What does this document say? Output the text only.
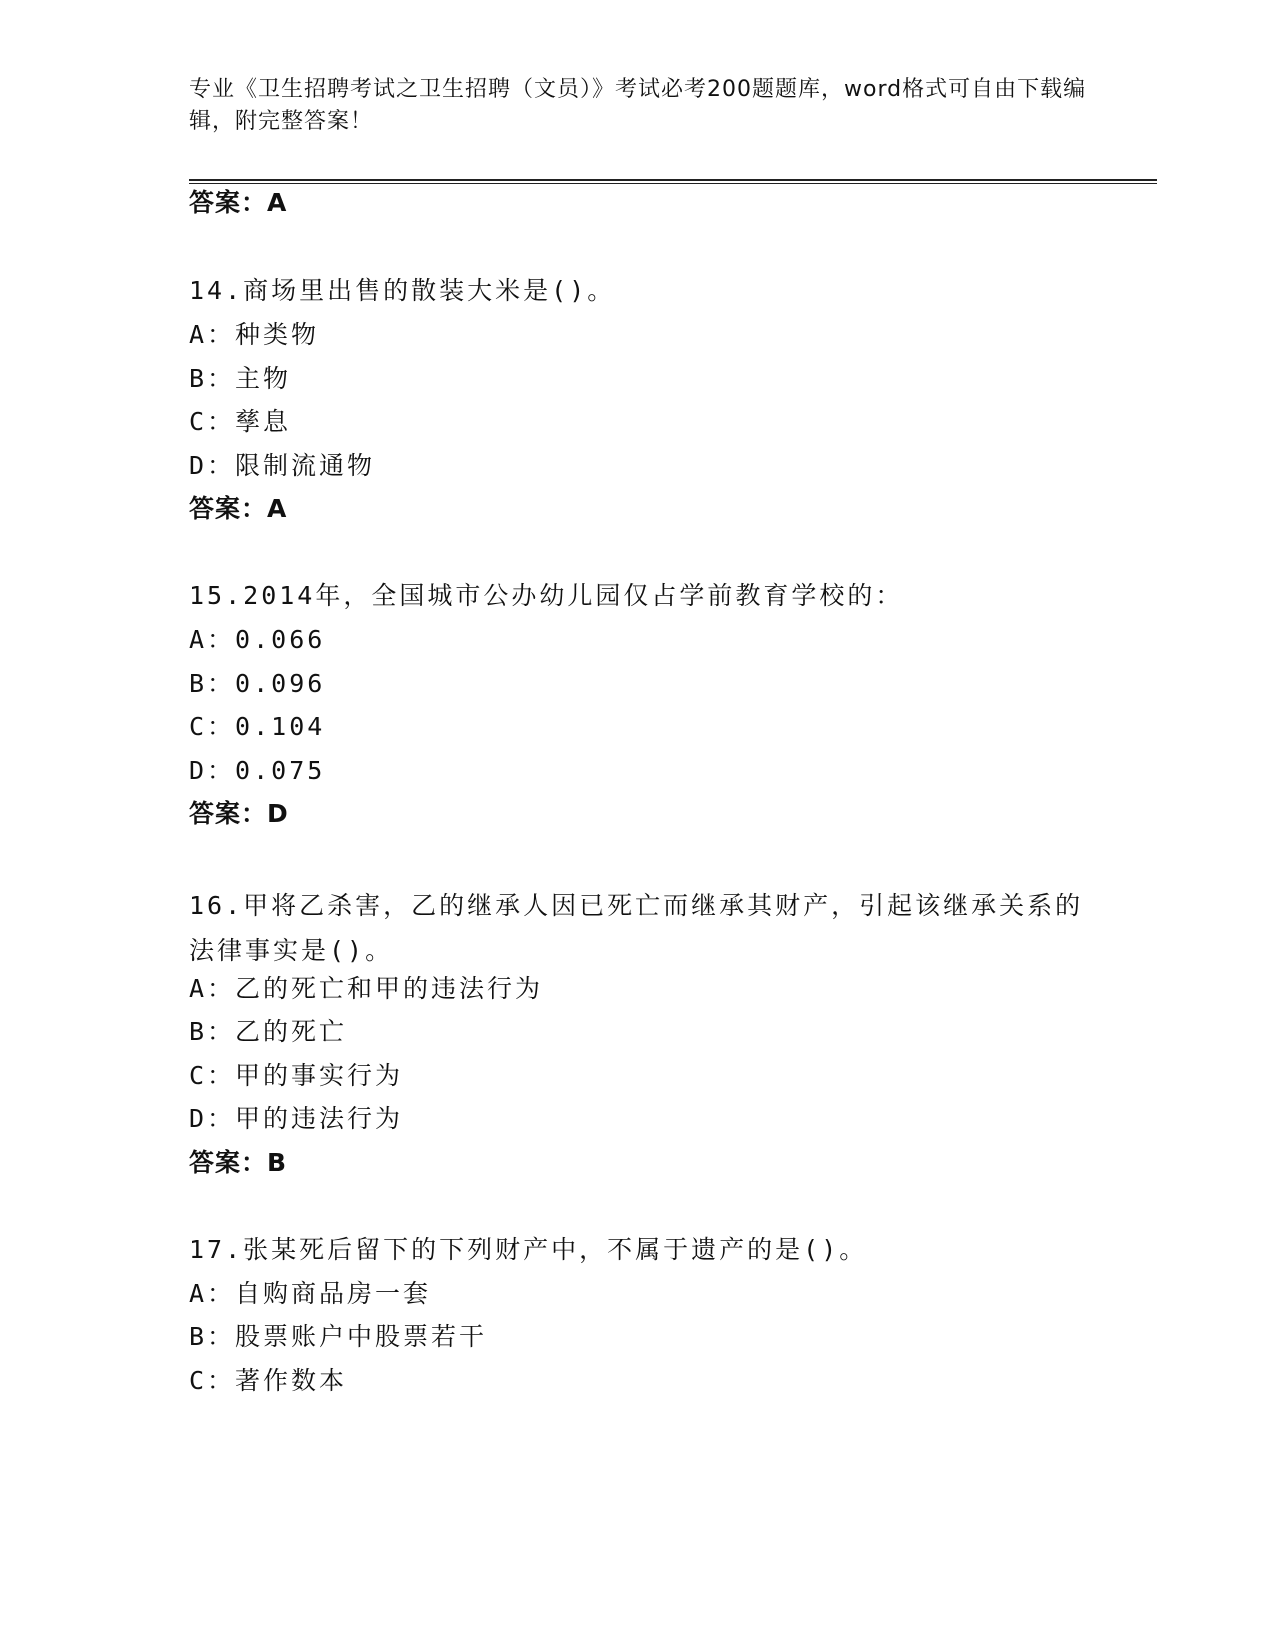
专业《卫生招聘考试之卫生招聘（文员）》考试必考200题题库，word格式可自由下载编辑，附完整答案！
答案：A
14.商场里出售的散装大米是()。
A：种类物
B：主物
C：孳息
D：限制流通物
答案：A
15.2014年，全国城市公办幼儿园仅占学前教育学校的：
A：0.066
B：0.096
C：0.104
D：0.075
答案：D
16.甲将乙杀害，乙的继承人因已死亡而继承其财产，引起该继承关系的法律事实是()。
A：乙的死亡和甲的违法行为
B：乙的死亡
C：甲的事实行为
D：甲的违法行为
答案：B
17.张某死后留下的下列财产中，不属于遗产的是()。
A：自购商品房一套
B：股票账户中股票若干
C：著作数本
